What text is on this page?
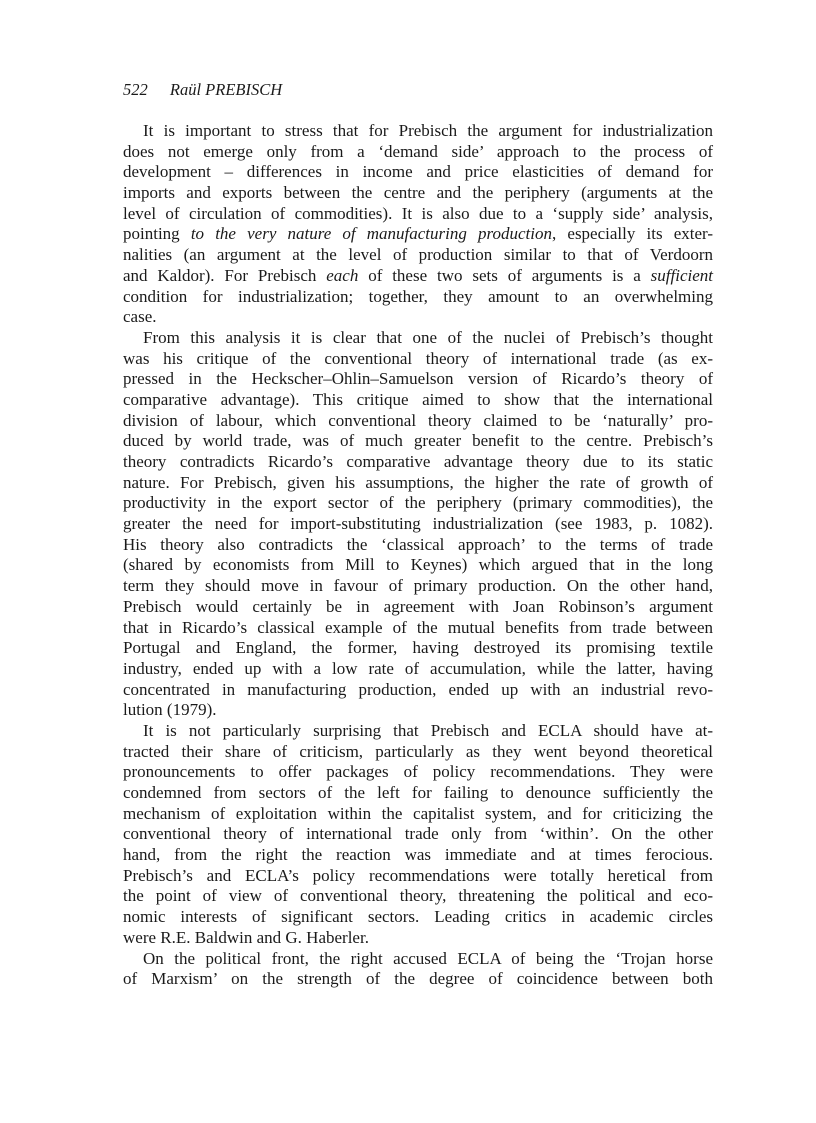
522 Raül PREBISCH
It is important to stress that for Prebisch the argument for industrialization
does not emerge only from a ‘demand side’ approach to the process of
development – differences in income and price elasticities of demand for
imports and exports between the centre and the periphery (arguments at the
level of circulation of commodities). It is also due to a ‘supply side’ analysis,
pointing to the very nature of manufacturing production, especially its exter-
nalities (an argument at the level of production similar to that of Verdoorn
and Kaldor). For Prebisch each of these two sets of arguments is a sufficient
condition for industrialization; together, they amount to an overwhelming
case.
From this analysis it is clear that one of the nuclei of Prebisch’s thought
was his critique of the conventional theory of international trade (as ex-
pressed in the Heckscher–Ohlin–Samuelson version of Ricardo’s theory of
comparative advantage). This critique aimed to show that the international
division of labour, which conventional theory claimed to be ‘naturally’ pro-
duced by world trade, was of much greater benefit to the centre. Prebisch’s
theory contradicts Ricardo’s comparative advantage theory due to its static
nature. For Prebisch, given his assumptions, the higher the rate of growth of
productivity in the export sector of the periphery (primary commodities), the
greater the need for import-substituting industrialization (see 1983, p. 1082).
His theory also contradicts the ‘classical approach’ to the terms of trade
(shared by economists from Mill to Keynes) which argued that in the long
term they should move in favour of primary production. On the other hand,
Prebisch would certainly be in agreement with Joan Robinson’s argument
that in Ricardo’s classical example of the mutual benefits from trade between
Portugal and England, the former, having destroyed its promising textile
industry, ended up with a low rate of accumulation, while the latter, having
concentrated in manufacturing production, ended up with an industrial revo-
lution (1979).
It is not particularly surprising that Prebisch and ECLA should have at-
tracted their share of criticism, particularly as they went beyond theoretical
pronouncements to offer packages of policy recommendations. They were
condemned from sectors of the left for failing to denounce sufficiently the
mechanism of exploitation within the capitalist system, and for criticizing the
conventional theory of international trade only from ‘within’. On the other
hand, from the right the reaction was immediate and at times ferocious.
Prebisch’s and ECLA’s policy recommendations were totally heretical from
the point of view of conventional theory, threatening the political and eco-
nomic interests of significant sectors. Leading critics in academic circles
were R.E. Baldwin and G. Haberler.
On the political front, the right accused ECLA of being the ‘Trojan horse
of Marxism’ on the strength of the degree of coincidence between both
